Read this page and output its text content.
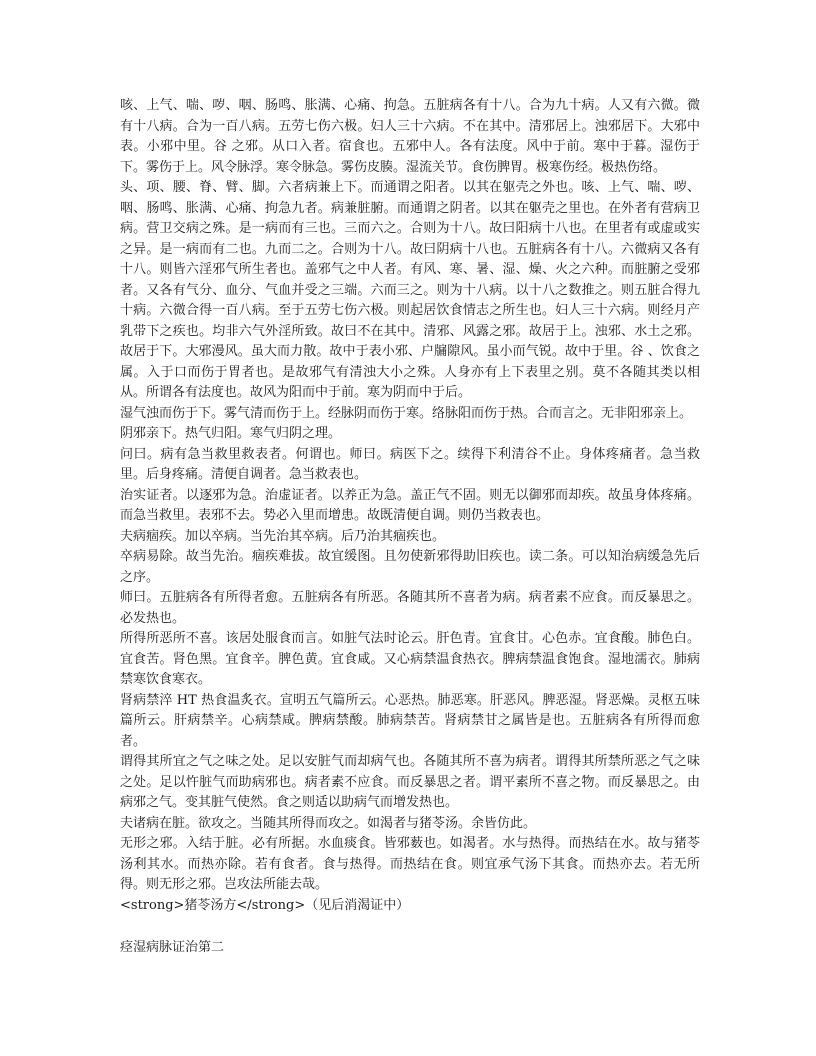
咳、上气、喘、哕、咽、肠鸣、胀满、心痛、拘急。五脏病各有十八。合为九十病。人又有六微。微有十八病。合为一百八病。五劳七伤六极。妇人三十六病。不在其中。清邪居上。浊邪居下。大邪中表。小邪中里。谷 之邪。从口入者。宿食也。五邪中人。各有法度。风中于前。寒中于暮。湿伤于下。雾伤于上。风令脉浮。寒令脉急。雾伤皮腠。湿流关节。食伤脾胃。极寒伤经。极热伤络。

头、项、腰、脊、臂、脚。六者病兼上下。而通谓之阳者。以其在躯壳之外也。咳、上气、喘、哕、咽、肠鸣、胀满、心痛、拘急九者。病兼脏腑。而通谓之阴者。以其在躯壳之里也。在外者有营病卫病。营卫交病之殊。是一病而有三也。三而六之。合则为十八。故曰阳病十八也。在里者有或虚或实之异。是一病而有二也。九而二之。合则为十八。故曰阴病十八也。五脏病各有十八。六微病又各有十八。则皆六淫邪气所生者也。盖邪气之中人者。有风、寒、暑、湿、燥、火之六种。而脏腑之受邪者。又各有气分、血分、气血并受之三端。六而三之。则为十八病。以十八之数推之。则五脏合得九十病。六微合得一百八病。至于五劳七伤六极。则起居饮食情志之所生也。妇人三十六病。则经月产乳带下之疾也。均非六气外淫所致。故曰不在其中。清邪、风露之邪。故居于上。浊邪、水土之邪。故居于下。大邪漫风。虽大而力散。故中于表小邪、户牖隙风。虽小而气锐。故中于里。谷 、饮食之属。入于口而伤于胃者也。是故邪气有清浊大小之殊。人身亦有上下表里之别。莫不各随其类以相从。所谓各有法度也。故风为阳而中于前。寒为阴而中于后。

湿气浊而伤于下。雾气清而伤于上。经脉阴而伤于寒。络脉阳而伤于热。合而言之。无非阳邪亲上。

阴邪亲下。热气归阳。寒气归阴之理。

问曰。病有急当救里救表者。何谓也。师曰。病医下之。续得下利清谷不止。身体疼痛者。急当救里。后身疼痛。清便自调者。急当救表也。

治实证者。以逐邪为急。治虚证者。以养正为急。盖正气不固。则无以御邪而却疾。故虽身体疼痛。而急当救里。表邪不去。势必入里而增患。故既清便自调。则仍当救表也。

夫病痼疾。加以卒病。当先治其卒病。后乃治其痼疾也。

卒病易除。故当先治。痼疾难拔。故宜缓图。且勿使新邪得助旧疾也。读二条。可以知治病缓急先后之序。

师曰。五脏病各有所得者愈。五脏病各有所恶。各随其所不喜者为病。病者素不应食。而反暴思之。必发热也。

所得所恶所不喜。该居处服食而言。如脏气法时论云。肝色青。宜食甘。心色赤。宜食酸。肺色白。宜食苦。肾色黑。宜食辛。脾色黄。宜食咸。又心病禁温食热衣。脾病禁温食饱食。湿地濡衣。肺病禁寒饮食寒衣。

肾病禁淬 HT 热食温炙衣。宣明五气篇所云。心恶热。肺恶寒。肝恶风。脾恶湿。肾恶燥。灵枢五味篇所云。肝病禁辛。心病禁咸。脾病禁酸。肺病禁苦。肾病禁甘之属皆是也。五脏病各有所得而愈者。

谓得其所宜之气之味之处。足以安脏气而却病气也。各随其所不喜为病者。谓得其所禁所恶之气之味之处。足以忤脏气而助病邪也。病者素不应食。而反暴思之者。谓平素所不喜之物。而反暴思之。由病邪之气。变其脏气使然。食之则适以助病气而增发热也。

夫诸病在脏。欲攻之。当随其所得而攻之。如渴者与猪苓汤。余皆仿此。

无形之邪。入结于脏。必有所据。水血痰食。皆邪薮也。如渴者。水与热得。而热结在水。故与猪苓汤利其水。而热亦除。若有食者。食与热得。而热结在食。则宜承气汤下其食。而热亦去。若无所得。则无形之邪。岂攻法所能去哉。

<strong>猪苓汤方</strong>（见后消渴证中）

痉湿病脉证治第二
